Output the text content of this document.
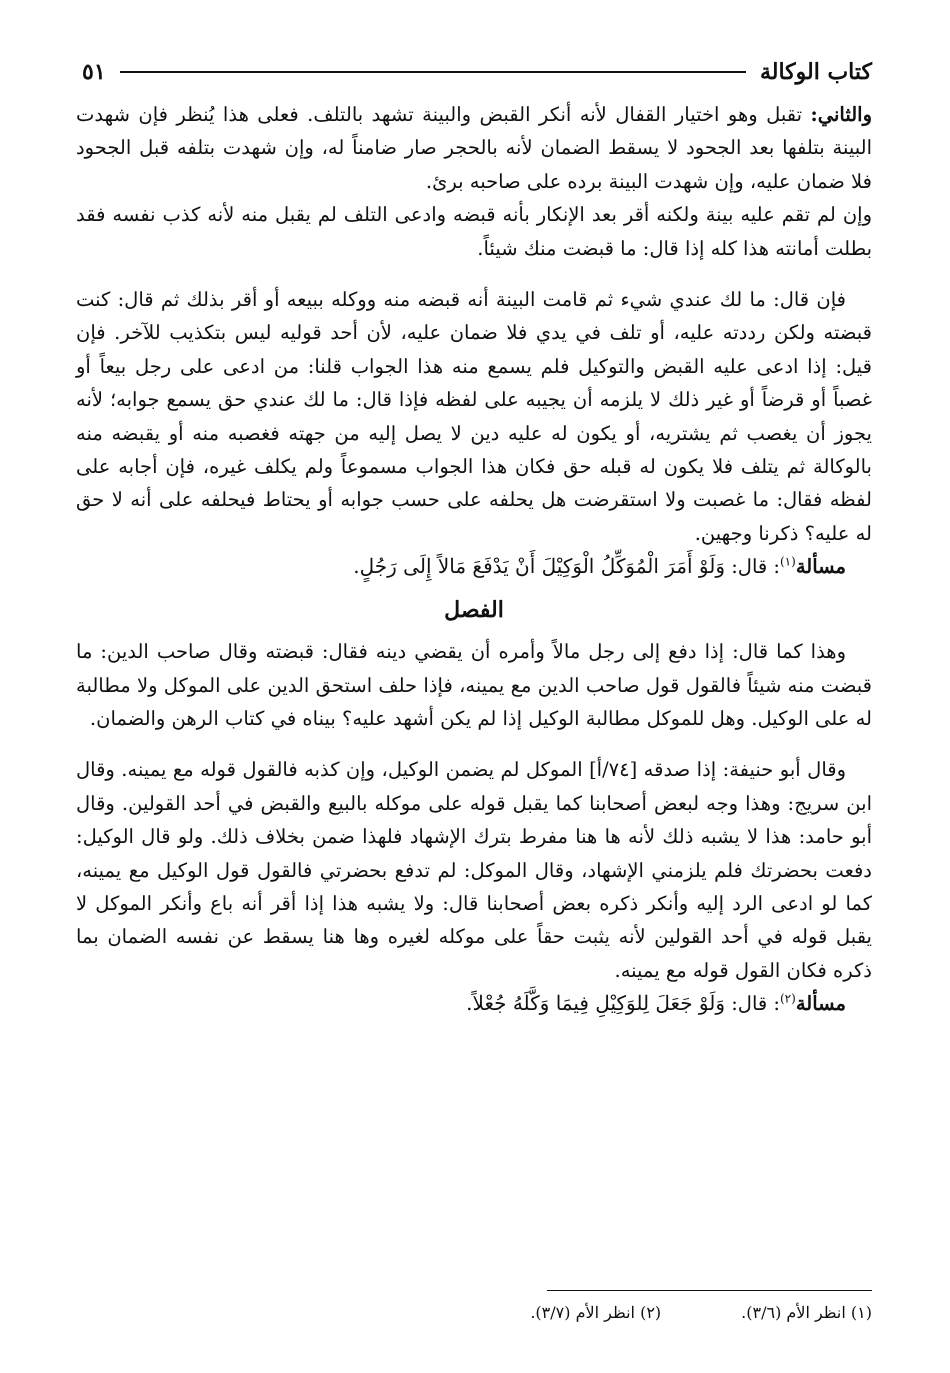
كتاب الوكالة
٥١

والثاني: تقبل وهو اختيار القفال لأنه أنكر القبض والبينة تشهد بالتلف. فعلى هذا يُنظر فإن شهدت البينة بتلفها بعد الجحود لا يسقط الضمان لأنه بالحجر صار ضامناً له، وإن شهدت بتلفه قبل الجحود فلا ضمان عليه، وإن شهدت البينة برده على صاحبه برئ.

وإن لم تقم عليه بينة ولكنه أقر بعد الإنكار بأنه قبضه وادعى التلف لم يقبل منه لأنه كذب نفسه فقد بطلت أمانته هذا كله إذا قال: ما قبضت منك شيئاً.

فإن قال: ما لك عندي شيء ثم قامت البينة أنه قبضه منه ووكله ببيعه أو أقر بذلك ثم قال: كنت قبضته ولكن رددته عليه، أو تلف في يدي فلا ضمان عليه، لأن أحد قوليه ليس بتكذيب للآخر. فإن قيل: إذا ادعى عليه القبض والتوكيل فلم يسمع منه هذا الجواب قلنا: من ادعى على رجل بيعاً أو غصباً أو قرضاً أو غير ذلك لا يلزمه أن يجيبه على لفظه فإذا قال: ما لك عندي حق يسمع جوابه؛ لأنه يجوز أن يغصب ثم يشتريه، أو يكون له عليه دين لا يصل إليه من جهته فغصبه منه أو يقبضه منه بالوكالة ثم يتلف فلا يكون له قبله حق فكان هذا الجواب مسموعاً ولم يكلف غيره، فإن أجابه على لفظه فقال: ما غصبت ولا استقرضت هل يحلفه على حسب جوابه أو يحتاط فيحلفه على أنه لا حق له عليه؟ ذكرنا وجهين.

مسألة$^{(١)}$: قال: وَلَوْ أَمَرَ الْمُوَكِّلُ الْوَكِيْلَ أَنْ يَدْفَعَ مَالاً إِلَى رَجُلٍ.

الفصل

وهذا كما قال: إذا دفع إلى رجل مالاً وأمره أن يقضي دينه فقال: قبضته وقال صاحب الدين: ما قبضت منه شيئاً فالقول قول صاحب الدين مع يمينه، فإذا حلف استحق الدين على الموكل ولا مطالبة له على الوكيل. وهل للموكل مطالبة الوكيل إذا لم يكن أشهد عليه؟ بيناه في كتاب الرهن والضمان.

وقال أبو حنيفة: إذا صدقه [٧٤/أ] الموكل لم يضمن الوكيل، وإن كذبه فالقول قوله مع يمينه. وقال ابن سريج: وهذا وجه لبعض أصحابنا كما يقبل قوله على موكله بالبيع والقبض في أحد القولين. وقال أبو حامد: هذا لا يشبه ذلك لأنه ها هنا مفرط بترك الإشهاد فلهذا ضمن بخلاف ذلك. ولو قال الوكيل: دفعت بحضرتك فلم يلزمني الإشهاد، وقال الموكل: لم تدفع بحضرتي فالقول قول الوكيل مع يمينه، كما لو ادعى الرد إليه وأنكر ذكره بعض أصحابنا قال: ولا يشبه هذا إذا أقر أنه باع وأنكر الموكل لا يقبل قوله في أحد القولين لأنه يثبت حقاً على موكله لغيره وها هنا يسقط عن نفسه الضمان بما ذكره فكان القول قوله مع يمينه.

مسألة$^{(٢)}$: قال: وَلَوْ جَعَلَ لِلوَكِيْلِ فِيمَا وَكَّلَهُ جُعْلاً.

(١) انظر الأم (٣/٦).
(٢) انظر الأم (٣/٧).
